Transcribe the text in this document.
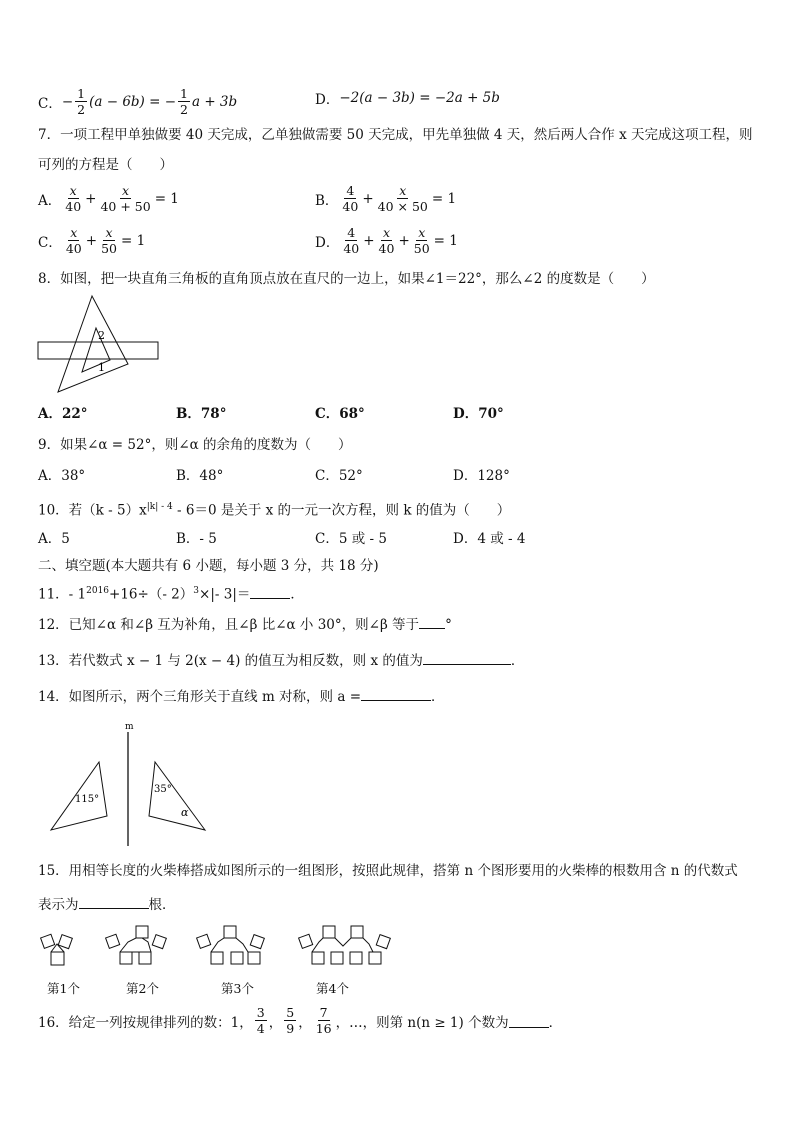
C． − $\frac{1}{2} (a - 6b)$ = − $\frac{1}{2}$ a + 3b	D． −2(a − 3b) = −2a + 5b
7．一项工程甲单独做要 40 天完成，乙单独做需要 50 天完成，甲先单独做 4 天，然后两人合作 x 天完成这项工程，则
可列的方程是（　　）
A． $\frac{x}{40} + \frac{x}{40 + 50} = 1$	B． $\frac{4}{40} + \frac{x}{40 \times 50} = 1$
C． $\frac{x}{40} + \frac{x}{50} = 1$	D． $\frac{4}{40} + \frac{x}{40} + \frac{x}{50} = 1$
8．如图，把一块直角三角板的直角顶点放在直尺的一边上，如果∠1＝22°，那么∠2 的度数是（　　）
2
1
A．22°	B．78°	C．68°	D．70°
9．如果∠α = 52°，则∠α 的余角的度数为（　　）
A．38°	B．48°	C．52°	D．128°
10．若$(k - 5)x^{|k| - 4} - 6=0$ 是关于 x 的一元一次方程，则 k 的值为（　　）
A．5	B．- 5	C．5 或 - 5	D．4 或 - 4
二、填空题(本大题共有 6 小题，每小题 3 分，共 18 分)
11．- $1^{2016}+16\div(-$ 2）$^3$×|- 3|＝	．
12．已知∠α 和∠β 互为补角，且∠β 比∠α 小 30°，则∠β 等于 °
13．若代数式 x − 1 与 2(x − 4) 的值互为相反数，则 x 的值为	．
14．如图所示，两个三角形关于直线 m 对称，则 a =	．
m
115°
35°
α
15．用相等长度的火柴棒搭成如图所示的一组图形，按照此规律，搭第 n 个图形要用的火柴棒的根数用含 n 的代数式
表示为	根．
第1个	第2个	第3个	第4个
16．给定一列按规律排列的数：1， $\frac{3}{4}$ ， $\frac{5}{9}$ ， $\frac{7}{16}$ ，…，则第 n(n ≥ 1) 个数为	．
